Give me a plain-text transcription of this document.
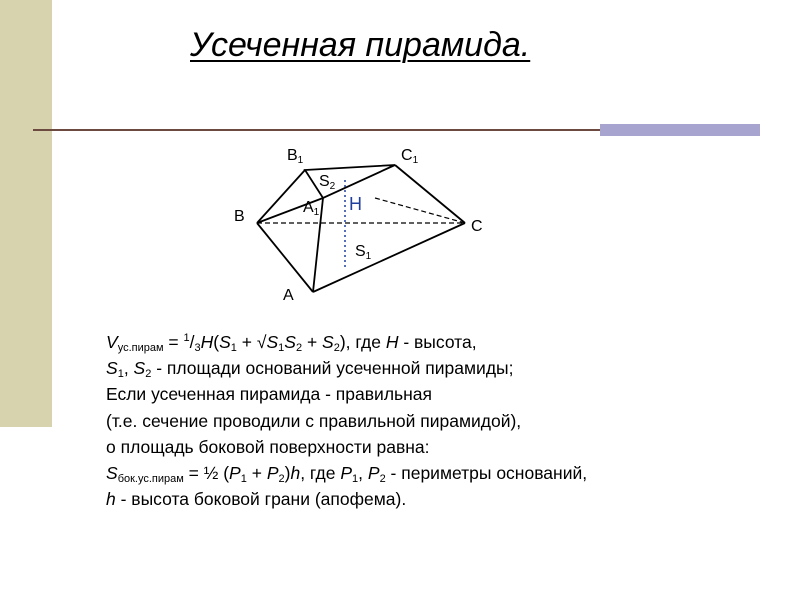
Усеченная пирамида.
B1	C1
S2
A1 H
B
C
S1
A
$V_{ус.пирам} = ^1/_3H(S_1 + √S_1S_2 + S_2)$, где H - высота,
$S_1$, $S_2$ - площади оснований усеченной пирамиды;
Если усеченная пирамида - правильная
(т.е. сечение проводили с правильной пирамидой),
о площадь боковой поверхности равна:
$S_{бок.ус.пирам}$ = ½ $(P_1 + P_2)h$, где $P_1$, $P_2$ - периметры оснований,
h - высота боковой грани (апофема).
